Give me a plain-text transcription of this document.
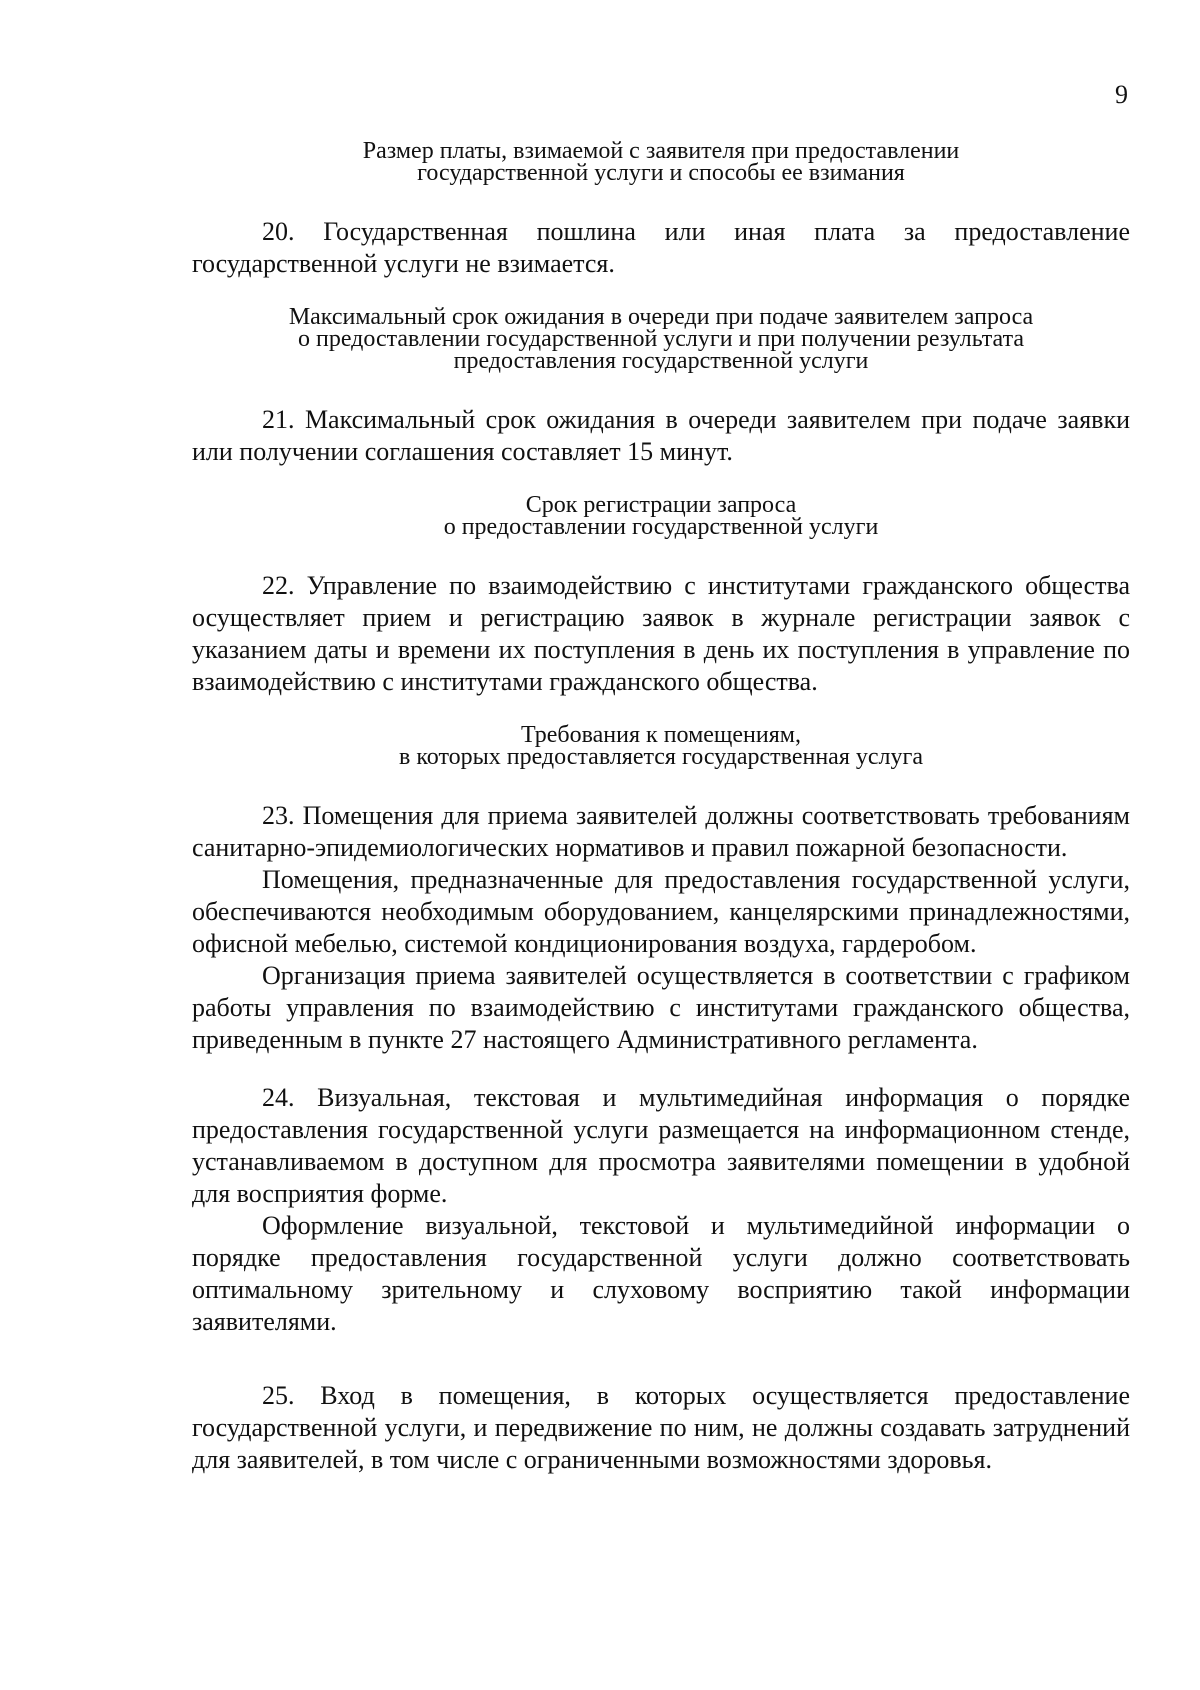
9
Размер платы, взимаемой с заявителя при предоставлении
государственной услуги и способы ее взимания

20. Государственная пошлина или иная плата за предоставление государственной услуги не взимается.

Максимальный срок ожидания в очереди при подаче заявителем запроса
о предоставлении государственной услуги и при получении результата
предоставления государственной услуги

21. Максимальный срок ожидания в очереди заявителем при подаче заявки или получении соглашения составляет 15 минут.

Срок регистрации запроса
о предоставлении государственной услуги

22. Управление по взаимодействию с институтами гражданского общества осуществляет прием и регистрацию заявок в журнале регистрации заявок с указанием даты и времени их поступления в день их поступления в управление по взаимодействию с институтами гражданского общества.

Требования к помещениям,
в которых предоставляется государственная услуга

23. Помещения для приема заявителей должны соответствовать требованиям санитарно-эпидемиологических нормативов и правил пожарной безопасности.

Помещения, предназначенные для предоставления государственной услуги, обеспечиваются необходимым оборудованием, канцелярскими принадлежностями, офисной мебелью, системой кондиционирования воздуха, гардеробом.

Организация приема заявителей осуществляется в соответствии с графиком работы управления по взаимодействию с институтами гражданского общества, приведенным в пункте 27 настоящего Административного регламента.

24. Визуальная, текстовая и мультимедийная информация о порядке предоставления государственной услуги размещается на информационном стенде, устанавливаемом в доступном для просмотра заявителями помещении в удобной для восприятия форме.

Оформление визуальной, текстовой и мультимедийной информации о порядке предоставления государственной услуги должно соответствовать оптимальному зрительному и слуховому восприятию такой информации заявителями.

25. Вход в помещения, в которых осуществляется предоставление государственной услуги, и передвижение по ним, не должны создавать затруднений для заявителей, в том числе с ограниченными возможностями здоровья.
